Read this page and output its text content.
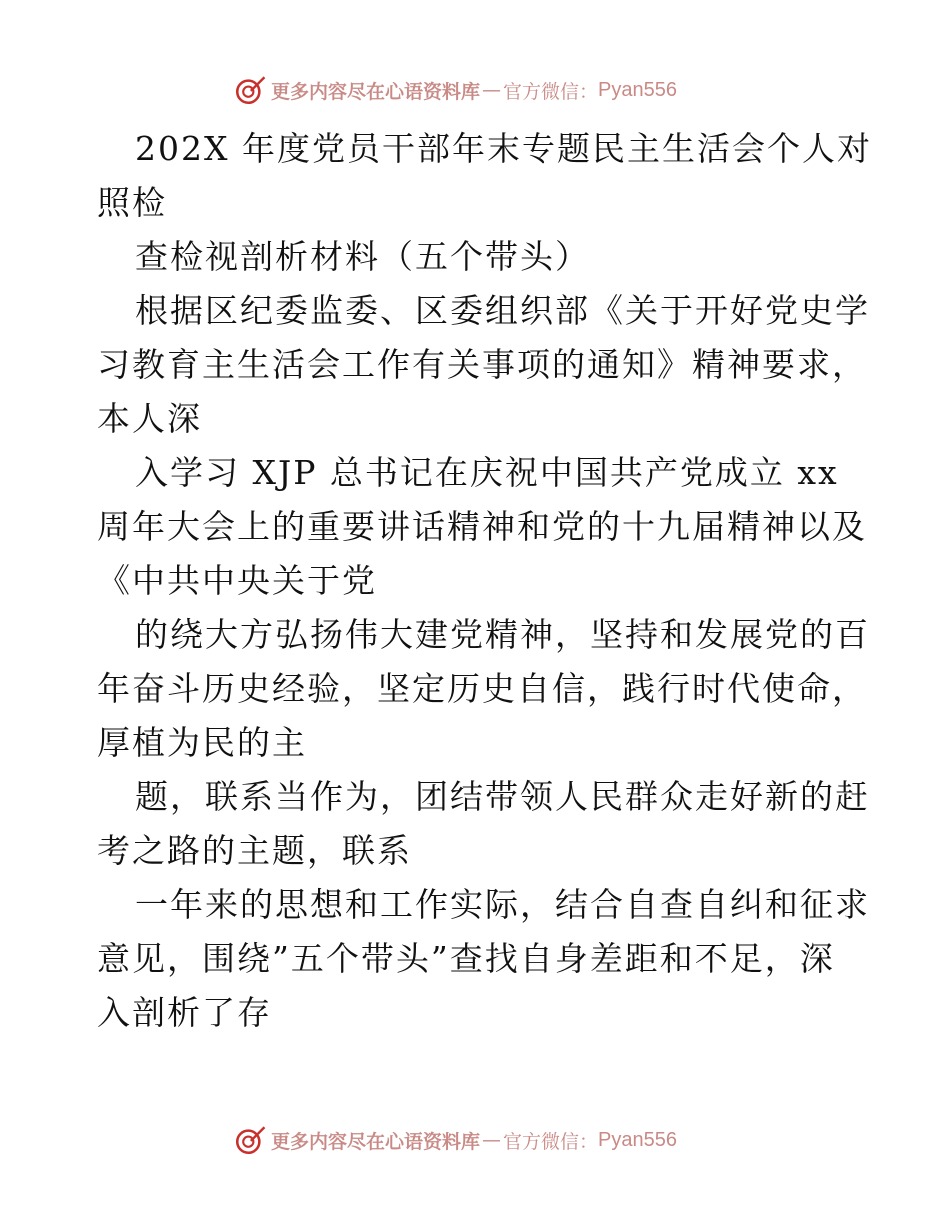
更多内容尽在心语资料库 — 官方微信： Pyan556
202X 年度党员干部年末专题民主生活会个人对
照检
查检视剖析材料（五个带头）
根据区纪委监委、区委组织部《关于开好党史学
习教育主生活会工作有关事项的通知》精神要求，
本人深
入学习 XJP 总书记在庆祝中国共产党成立 xx
周年大会上的重要讲话精神和党的十九届精神以及
《中共中央关于党
的绕大方弘扬伟大建党精神，坚持和发展党的百
年奋斗历史经验，坚定历史自信，践行时代使命，
厚植为民的主
题，联系当作为，团结带领人民群众走好新的赶
考之路的主题，联系
一年来的思想和工作实际，结合自查自纠和征求
意见，围绕”五个带头”查找自身差距和不足，深
入剖析了存
更多内容尽在心语资料库 — 官方微信： Pyan556
